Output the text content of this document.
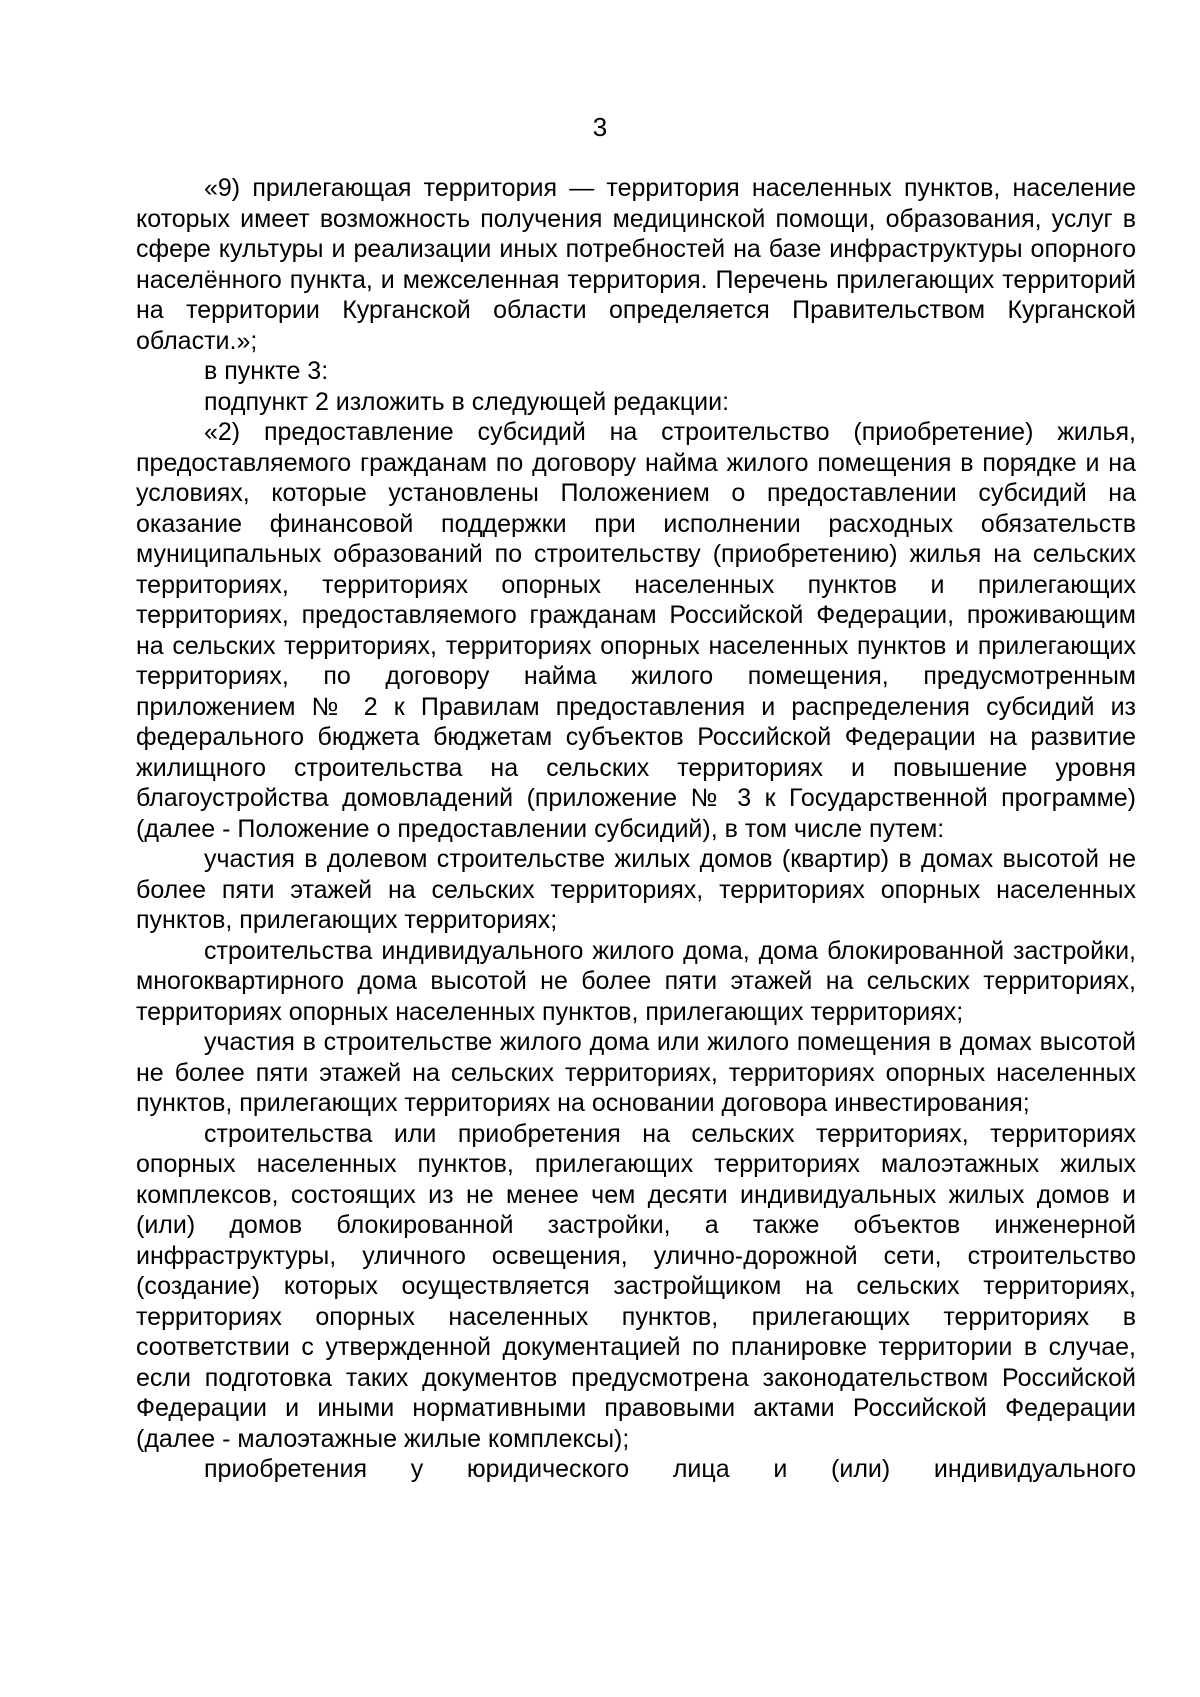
3

«9) прилегающая территория — территория населенных пунктов, население которых имеет возможность получения медицинской помощи, образования, услуг в сфере культуры и реализации иных потребностей на базе инфраструктуры опорного населённого пункта, и межселенная территория. Перечень прилегающих территорий на территории Курганской области определяется Правительством Курганской области.»;

в пункте 3:

подпункт 2 изложить в следующей редакции:

«2) предоставление субсидий на строительство (приобретение) жилья, предоставляемого гражданам по договору найма жилого помещения в порядке и на условиях, которые установлены Положением о предоставлении субсидий на оказание финансовой поддержки при исполнении расходных обязательств муниципальных образований по строительству (приобретению) жилья на сельских территориях, территориях опорных населенных пунктов и прилегающих территориях, предоставляемого гражданам Российской Федерации, проживающим на сельских территориях, территориях опорных населенных пунктов и прилегающих территориях, по договору найма жилого помещения, предусмотренным приложением № 2 к Правилам предоставления и распределения субсидий из федерального бюджета бюджетам субъектов Российской Федерации на развитие жилищного строительства на сельских территориях и повышение уровня благоустройства домовладений (приложение № 3 к Государственной программе) (далее - Положение о предоставлении субсидий), в том числе путем:

участия в долевом строительстве жилых домов (квартир) в домах высотой не более пяти этажей на сельских территориях, территориях опорных населенных пунктов, прилегающих территориях;

строительства индивидуального жилого дома, дома блокированной застройки, многоквартирного дома высотой не более пяти этажей на сельских территориях, территориях опорных населенных пунктов, прилегающих территориях;

участия в строительстве жилого дома или жилого помещения в домах высотой не более пяти этажей на сельских территориях, территориях опорных населенных пунктов, прилегающих территориях на основании договора инвестирования;

строительства или приобретения на сельских территориях, территориях опорных населенных пунктов, прилегающих территориях малоэтажных жилых комплексов, состоящих из не менее чем десяти индивидуальных жилых домов и (или) домов блокированной застройки, а также объектов инженерной инфраструктуры, уличного освещения, улично-дорожной сети, строительство (создание) которых осуществляется застройщиком на сельских территориях, территориях опорных населенных пунктов, прилегающих территориях в соответствии с утвержденной документацией по планировке территории в случае, если подготовка таких документов предусмотрена законодательством Российской Федерации и иными нормативными правовыми актами Российской Федерации (далее - малоэтажные жилые комплексы);

приобретения у юридического лица и (или) индивидуального
